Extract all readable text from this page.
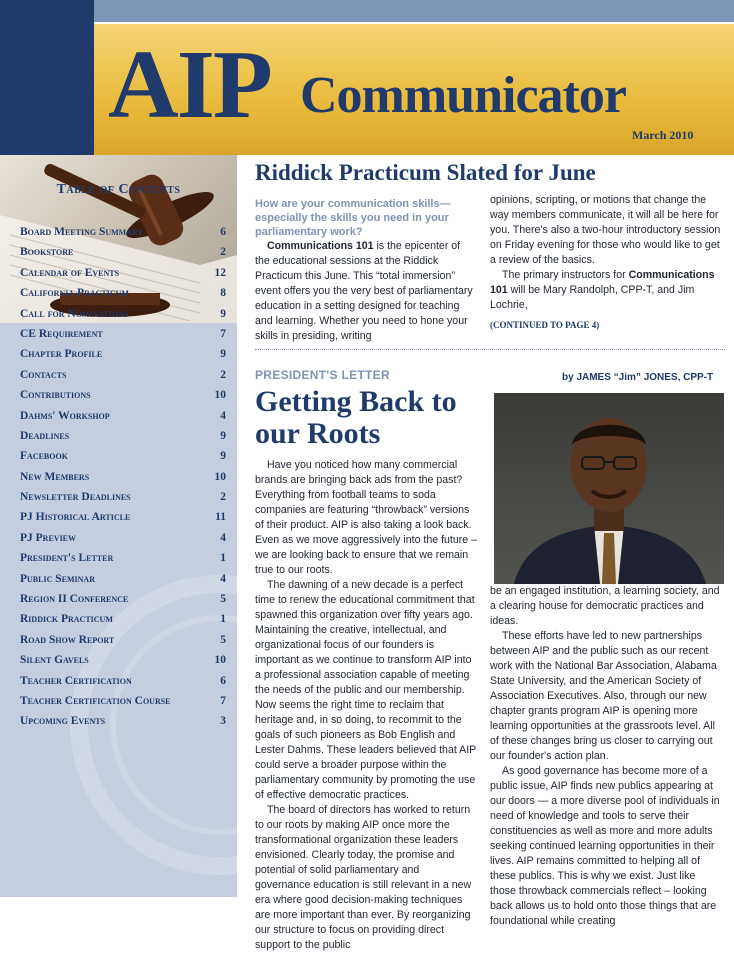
AIP Communicator
March 2010
Table of Contents
Board Meeting Summary	6
Bookstore	2
Calendar of Events	12
California Practicum	8
Call for Nominations	9
CE Requirement	7
Chapter Profile	9
Contacts	2
Contributions	10
Dahms' Workshop	4
Deadlines	9
Facebook	9
New Members	10
Newsletter Deadlines	2
PJ Historical Article	11
PJ Preview	4
President's Letter	1
Public Seminar	4
Region II Conference	5
Riddick Practicum	1
Road Show Report	5
Silent Gavels	10
Teacher Certification	6
Teacher Certification Course	7
Upcoming Events	3
Riddick Practicum Slated for June

How are your communication skills—especially the skills you need in your parliamentary work?

Communications 101 is the epicenter of the educational sessions at the Riddick Practicum this June. This “total immersion” event offers you the very best of parliamentary education in a setting designed for teaching and learning. Whether you need to hone your skills in presiding, writing

opinions, scripting, or motions that change the way members communicate, it will all be here for you. There's also a two-hour introductory session on Friday evening for those who would like to get a review of the basics.

The primary instructors for Communications 101 will be Mary Randolph, CPP-T, and Jim Lochrie,

(CONTINUED TO PAGE 4)
PRESIDENT'S LETTER	by JAMES “Jim” JONES, CPP-T
Getting Back to our Roots

Have you noticed how many commercial brands are bringing back ads from the past? Everything from football teams to soda companies are featuring “throwback” versions of their product. AIP is also taking a look back. Even as we move aggressively into the future – we are looking back to ensure that we remain true to our roots.

The dawning of a new decade is a perfect time to renew the educational commitment that spawned this organization over fifty years ago. Maintaining the creative, intellectual, and organizational focus of our founders is important as we continue to transform AIP into a professional association capable of meeting the needs of the public and our membership. Now seems the right time to reclaim that heritage and, in so doing, to recommit to the goals of such pioneers as Bob English and Lester Dahms. These leaders believed that AIP could serve a broader purpose within the parliamentary community by promoting the use of effective democratic practices.

The board of directors has worked to return to our roots by making AIP once more the transformational organization these leaders envisioned. Clearly today, the promise and potential of solid parliamentary and governance education is still relevant in a new era where good decision-making techniques are more important than ever. By reorganizing our structure to focus on providing direct support to the public

be an engaged institution, a learning society, and a clearing house for democratic practices and ideas.

These efforts have led to new partnerships between AIP and the public such as our recent work with the National Bar Association, Alabama State University, and the American Society of Association Executives. Also, through our new chapter grants program AIP is opening more learning opportunities at the grassroots level. All of these changes bring us closer to carrying out our founder's action plan.

As good governance has become more of a public issue, AIP finds new publics appearing at our doors — a more diverse pool of individuals in need of knowledge and tools to serve their constituencies as well as more and more adults seeking continued learning opportunities in their lives. AIP remains committed to helping all of these publics. This is why we exist. Just like those throwback commercials reflect – looking back allows us to hold onto those things that are foundational while creating
